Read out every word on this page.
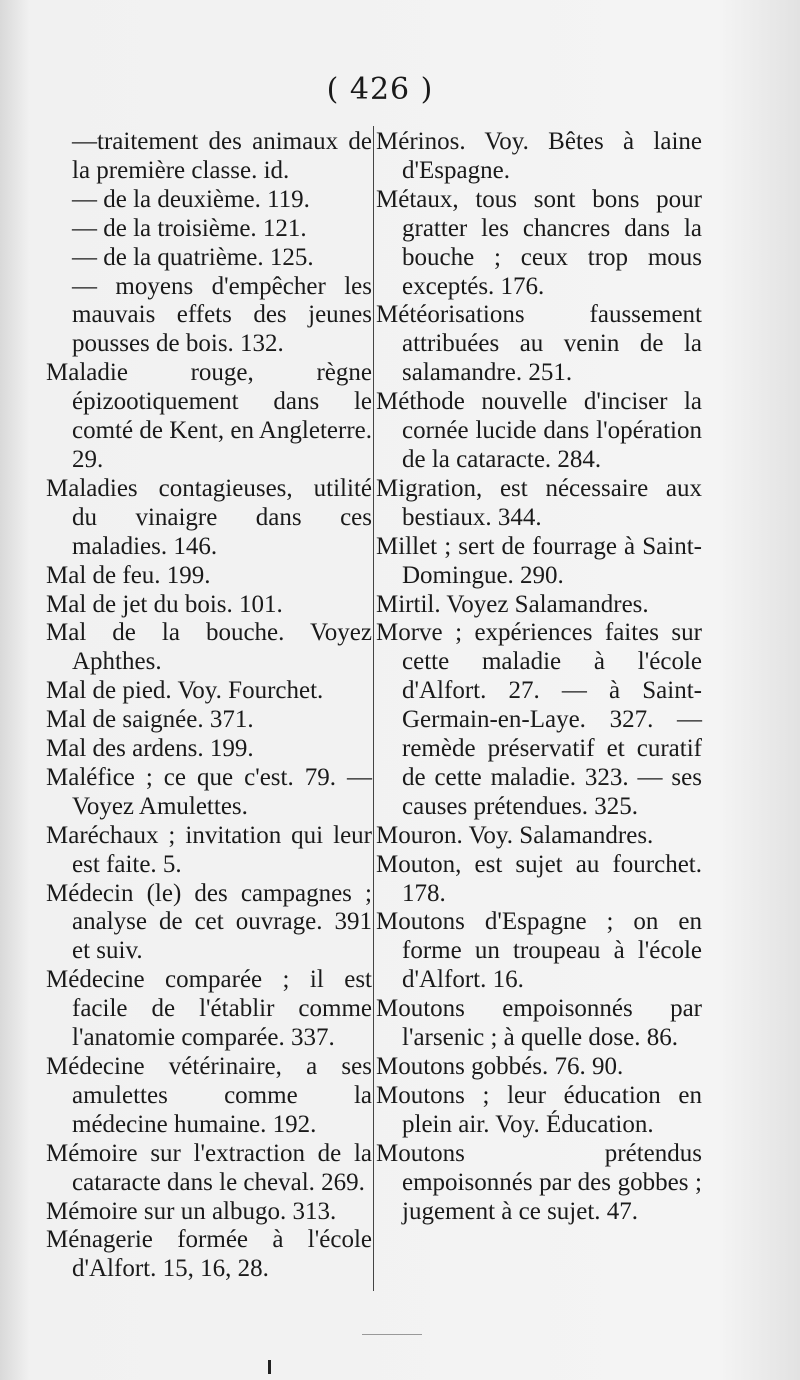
( 426 )
—traitement des animaux de la première classe. id.
— de la deuxième. 119.
— de la troisième. 121.
— de la quatrième. 125.
— moyens d'empêcher les mauvais effets des jeunes pousses de bois. 132.
Maladie rouge, règne épizootiquement dans le comté de Kent, en Angleterre. 29.
Maladies contagieuses, utilité du vinaigre dans ces maladies. 146.
Mal de feu. 199.
Mal de jet du bois. 101.
Mal de la bouche. Voyez Aphthes.
Mal de pied. Voy. Fourchet.
Mal de saignée. 371.
Mal des ardens. 199.
Maléfice ; ce que c'est. 79. — Voyez Amulettes.
Maréchaux ; invitation qui leur est faite. 5.
Médecin (le) des campagnes ; analyse de cet ouvrage. 391 et suiv.
Médecine comparée ; il est facile de l'établir comme l'anatomie comparée. 337.
Médecine vétérinaire, a ses amulettes comme la médecine humaine. 192.
Mémoire sur l'extraction de la cataracte dans le cheval. 269.
Mémoire sur un albugo. 313.
Ménagerie formée à l'école d'Alfort. 15, 16, 28.
Mérinos. Voy. Bêtes à laine d'Espagne.
Métaux, tous sont bons pour gratter les chancres dans la bouche ; ceux trop mous exceptés. 176.
Météorisations faussement attribuées au venin de la salamandre. 251.
Méthode nouvelle d'inciser la cornée lucide dans l'opération de la cataracte. 284.
Migration, est nécessaire aux bestiaux. 344.
Millet ; sert de fourrage à Saint-Domingue. 290.
Mirtil. Voyez Salamandres.
Morve ; expériences faites sur cette maladie à l'école d'Alfort. 27. — à Saint-Germain-en-Laye. 327. — remède préservatif et curatif de cette maladie. 323. — ses causes prétendues. 325.
Mouron. Voy. Salamandres.
Mouton, est sujet au fourchet. 178.
Moutons d'Espagne ; on en forme un troupeau à l'école d'Alfort. 16.
Moutons empoisonnés par l'arsenic ; à quelle dose. 86.
Moutons gobbés. 76. 90.
Moutons ; leur éducation en plein air. Voy. Éducation.
Moutons prétendus empoisonnés par des gobbes ; jugement à ce sujet. 47.
